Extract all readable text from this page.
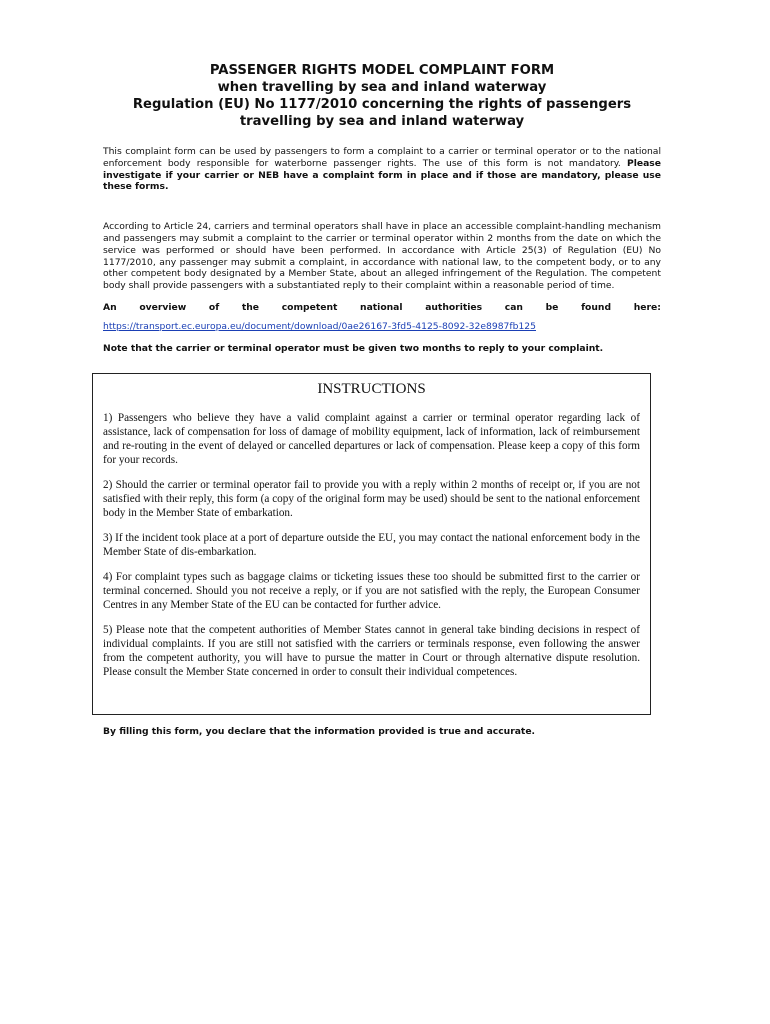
PASSENGER RIGHTS MODEL COMPLAINT FORM
when travelling by sea and inland waterway
Regulation (EU) No 1177/2010 concerning the rights of passengers
travelling by sea and inland waterway

This complaint form can be used by passengers to form a complaint to a carrier or terminal operator or to the national enforcement body responsible for waterborne passenger rights. The use of this form is not mandatory. Please investigate if your carrier or NEB have a complaint form in place and if those are mandatory, please use these forms.

According to Article 24, carriers and terminal operators shall have in place an accessible complaint-handling mechanism and passengers may submit a complaint to the carrier or terminal operator within 2 months from the date on which the service was performed or should have been performed. In accordance with Article 25(3) of Regulation (EU) No 1177/2010, any passenger may submit a complaint, in accordance with national law, to the competent body, or to any other competent body designated by a Member State, about an alleged infringement of the Regulation. The competent body shall provide passengers with a substantiated reply to their complaint within a reasonable period of time.

An overview of the competent national authorities can be found here:
https://transport.ec.europa.eu/document/download/0ae26167-3fd5-4125-8092-32e8987fb125

Note that the carrier or terminal operator must be given two months to reply to your complaint.

INSTRUCTIONS

1) Passengers who believe they have a valid complaint against a carrier or terminal operator regarding lack of assistance, lack of compensation for loss of damage of mobility equipment, lack of information, lack of reimbursement and re-routing in the event of delayed or cancelled departures or lack of compensation. Please keep a copy of this form for your records.

2) Should the carrier or terminal operator fail to provide you with a reply within 2 months of receipt or, if you are not satisfied with their reply, this form (a copy of the original form may be used) should be sent to the national enforcement body in the Member State of embarkation.

3) If the incident took place at a port of departure outside the EU, you may contact the national enforcement body in the Member State of dis-embarkation.

4) For complaint types such as baggage claims or ticketing issues these too should be submitted first to the carrier or terminal concerned. Should you not receive a reply, or if you are not satisfied with the reply, the European Consumer Centres in any Member State of the EU can be contacted for further advice.

5) Please note that the competent authorities of Member States cannot in general take binding decisions in respect of individual complaints. If you are still not satisfied with the carriers or terminals response, even following the answer from the competent authority, you will have to pursue the matter in Court or through alternative dispute resolution. Please consult the Member State concerned in order to consult their individual competences.

By filling this form, you declare that the information provided is true and accurate.
